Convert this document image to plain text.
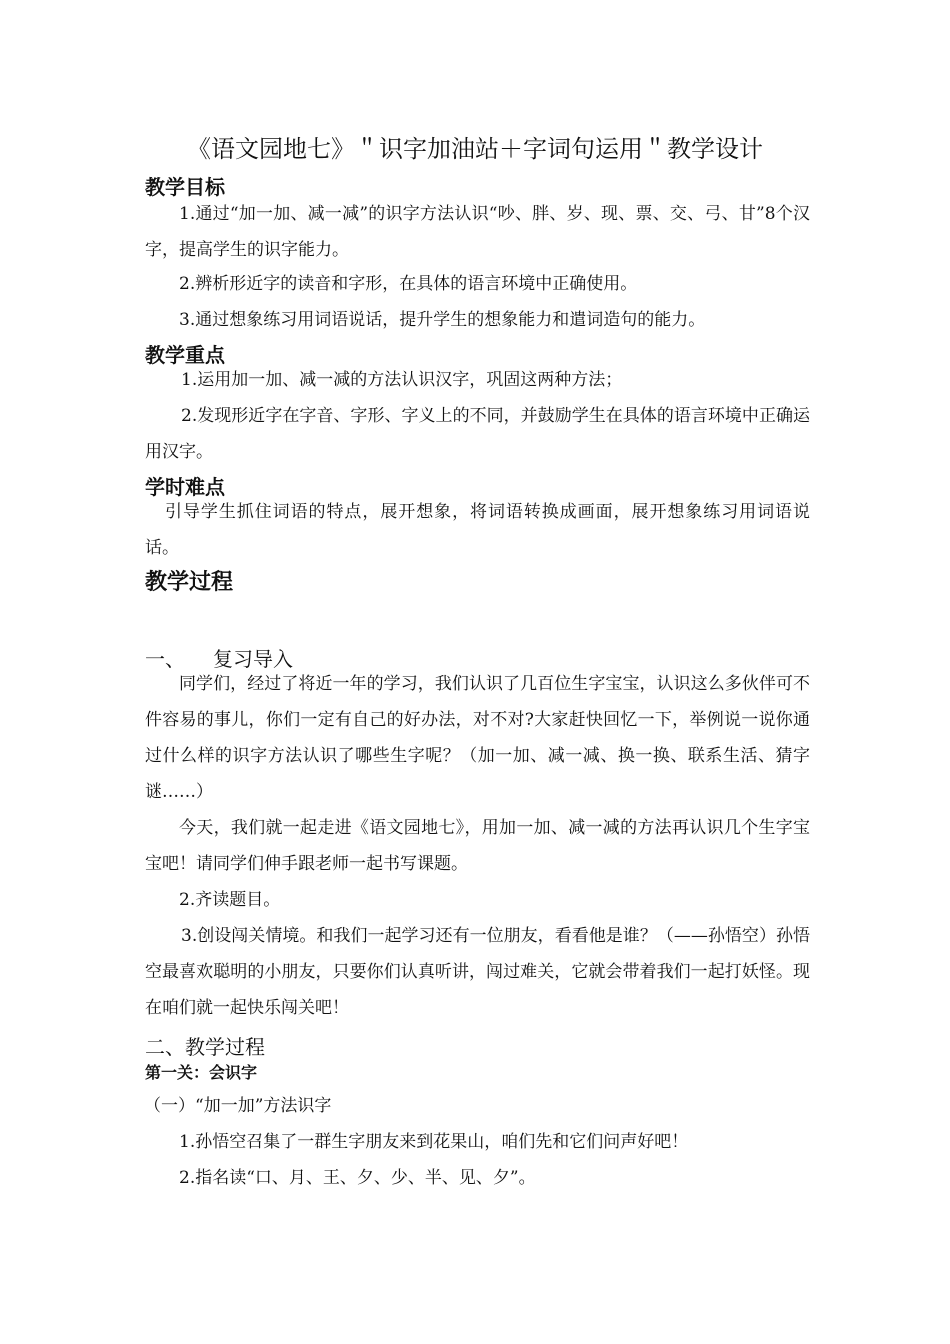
《语文园地七》＂识字加油站＋字词句运用＂教学设计
教学目标

1.通过“加一加、减一减”的识字方法认识“吵、胖、岁、现、票、交、弓、甘”8个汉字，提高学生的识字能力。

2.辨析形近字的读音和字形，在具体的语言环境中正确使用。

3.通过想象练习用词语说话，提升学生的想象能力和遣词造句的能力。

教学重点

1.运用加一加、减一减的方法认识汉字，巩固这两种方法；

2.发现形近字在字音、字形、字义上的不同，并鼓励学生在具体的语言环境中正确运用汉字。

学时难点

引导学生抓住词语的特点，展开想象，将词语转换成画面，展开想象练习用词语说话。

教学过程
一、 复习导入

同学们，经过了将近一年的学习，我们认识了几百位生字宝宝，认识这么多伙伴可不件容易的事儿，你们一定有自己的好办法，对不对?大家赶快回忆一下，举例说一说你通过什么样的识字方法认识了哪些生字呢？（加一加、减一减、换一换、联系生活、猜字谜……）

今天，我们就一起走进《语文园地七》，用加一加、减一减的方法再认识几个生字宝宝吧！请同学们伸手跟老师一起书写课题。

2.齐读题目。

3.创设闯关情境。和我们一起学习还有一位朋友，看看他是谁？（——孙悟空）孙悟空最喜欢聪明的小朋友，只要你们认真听讲，闯过难关，它就会带着我们一起打妖怪。现在咱们就一起快乐闯关吧！

二、教学过程
第一关：会识字
（一）“加一加”方法识字
1.孙悟空召集了一群生字朋友来到花果山，咱们先和它们问声好吧！
2.指名读“口、月、王、夕、少、半、见、夕”。
